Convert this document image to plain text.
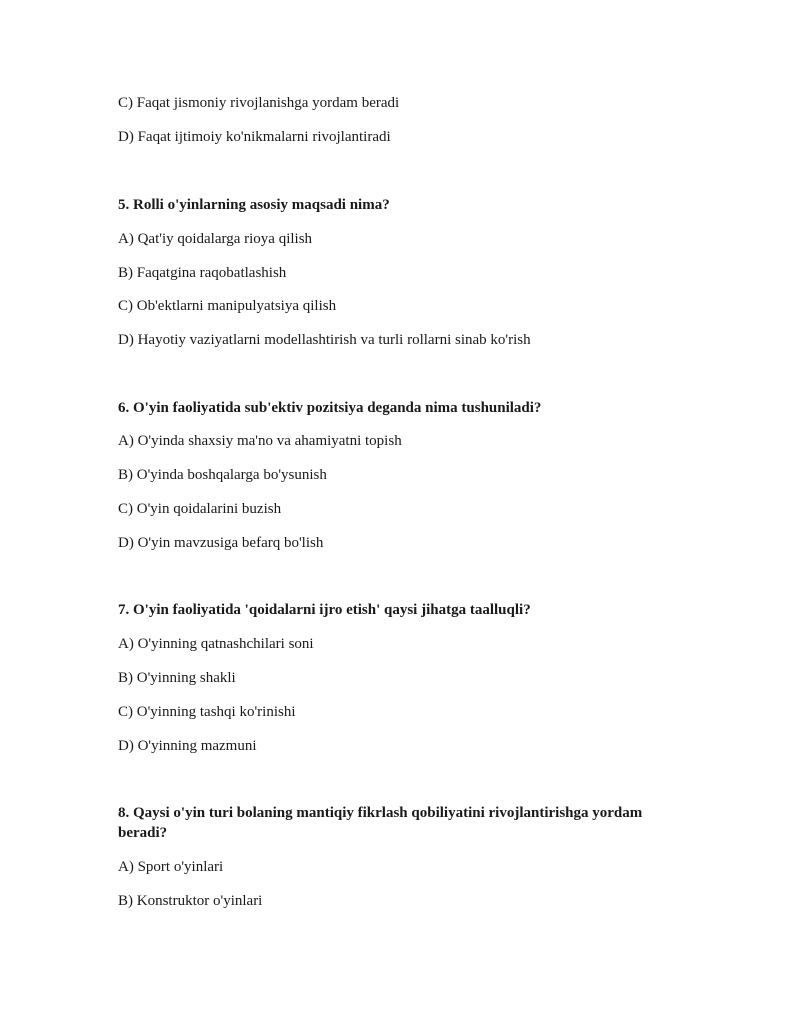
C) Faqat jismoniy rivojlanishga yordam beradi
D) Faqat ijtimoiy ko'nikmalarni rivojlantiradi
5. Rolli o'yinlarning asosiy maqsadi nima?
A) Qat'iy qoidalarga rioya qilish
B) Faqatgina raqobatlashish
C) Ob'ektlarni manipulyatsiya qilish
D) Hayotiy vaziyatlarni modellashtirish va turli rollarni sinab ko'rish
6. O'yin faoliyatida sub'ektiv pozitsiya deganda nima tushuniladi?
A) O'yinda shaxsiy ma'no va ahamiyatni topish
B) O'yinda boshqalarga bo'ysunish
C) O'yin qoidalarini buzish
D) O'yin mavzusiga befarq bo'lish
7. O'yin faoliyatida 'qoidalarni ijro etish' qaysi jihatga taalluqli?
A) O'yinning qatnashchilari soni
B) O'yinning shakli
C) O'yinning tashqi ko'rinishi
D) O'yinning mazmuni
8. Qaysi o'yin turi bolaning mantiqiy fikrlash qobiliyatini rivojlantirishga yordam beradi?
A) Sport o'yinlari
B) Konstruktor o'yinlari
